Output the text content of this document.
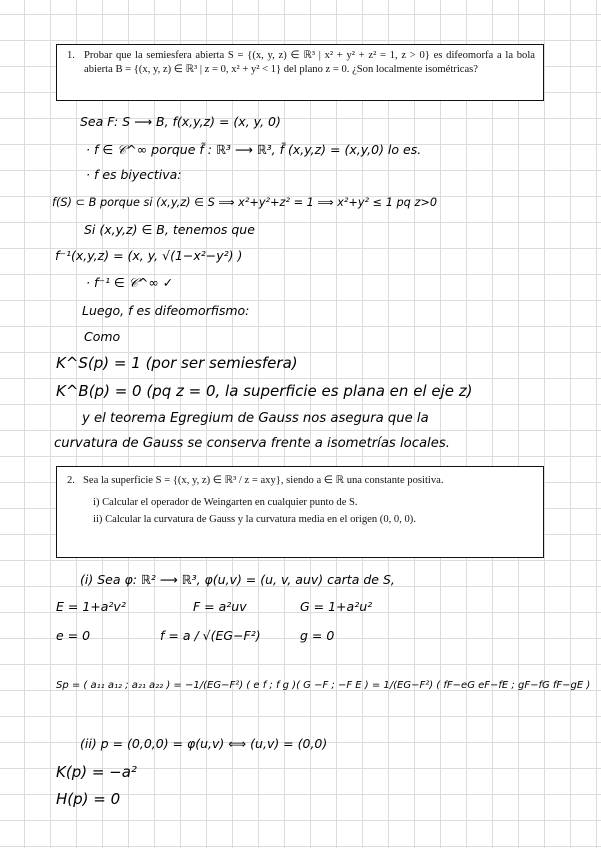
1. Probar que la semiesfera abierta S = {(x, y, z) ∈ ℝ³ | x² + y² + z² = 1, z > 0} es difeomorfa a la bola abierta B = {(x, y, z) ∈ ℝ³ | z = 0, x² + y² < 1} del plano z = 0. ¿Son localmente isométricas?

Sea F: S ⟶ B, f(x,y,z) = (x, y, 0)
· f ∈ 𝒞^∞ porque f̃ : ℝ³ ⟶ ℝ³, f̃ (x,y,z) = (x,y,0) lo es.
· f es biyectiva:
f(S) ⊂ B porque si (x,y,z) ∈ S ⟹ x²+y²+z² = 1 ⟹ x²+y² ≤ 1 pq z>0
Si (x,y,z) ∈ B, tenemos que
f⁻¹(x,y,z) = (x, y, √(1−x²−y²) )
· f⁻¹ ∈ 𝒞^∞ ✓
Luego, f es difeomorfismo:
Como
K^S(p) = 1 (por ser semiesfera)
K^B(p) = 0 (pq z = 0, la superficie es plana en el eje z)
y el teorema Egregium de Gauss nos asegura que la
curvatura de Gauss se conserva frente a isometrías locales.
2. Sea la superficie S = {(x, y, z) ∈ ℝ³ / z = axy}, siendo a ∈ ℝ una constante positiva.

i) Calcular el operador de Weingarten en cualquier punto de S.
ii) Calcular la curvatura de Gauss y la curvatura media en el origen (0, 0, 0).
(i) Sea φ: ℝ² ⟶ ℝ³, φ(u,v) = (u, v, auv) carta de S,
E = 1+a²v²	F = a²uv	G = 1+a²u²
e = 0	f = a / √(EG−F²)	g = 0
Sp = ( a₁₁ a₁₂ ; a₂₁ a₂₂ ) = −1/(EG−F²) ( e f ; f g )( G −F ; −F E ) = 1/(EG−F²) ( fF−eG eF−fE ; gF−fG fF−gE )
(ii) p = (0,0,0) = φ(u,v) ⟺ (u,v) = (0,0)
K(p) = −a²
H(p) = 0
